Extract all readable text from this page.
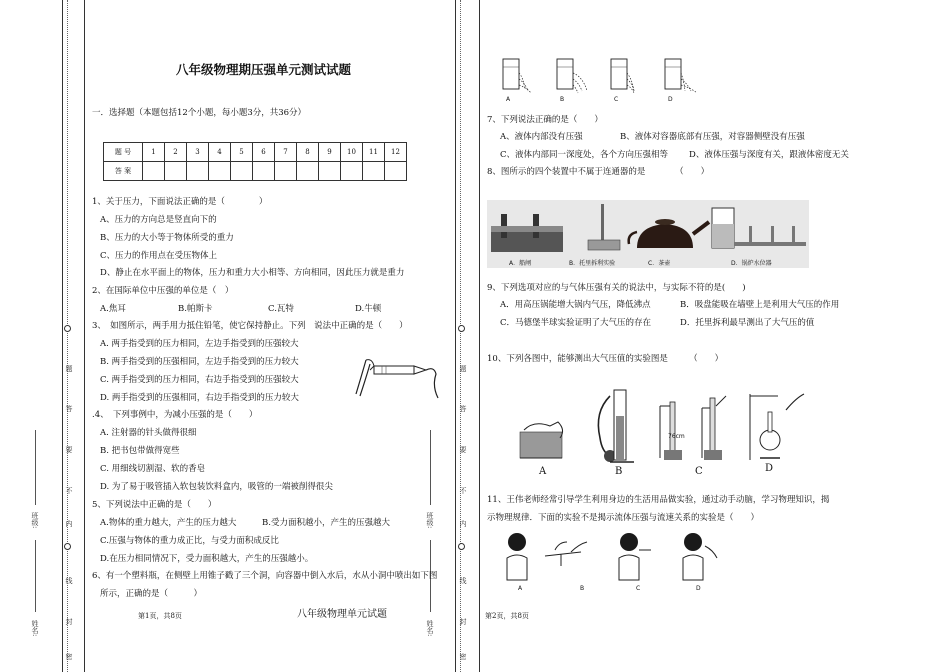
题
答
要
不
内
线
封
密
班级:
姓名:
题
答
要
不
内
线
封
密
班级:
姓名:
八年级物理期压强单元测试试题
一．选择题（本题包括12个小题，每小题3分，共36分）
题 号	1	2	3	4	5	6	7	8	9	10	11	12
答 案												
1、关于压力，下面说法正确的是（　　　　）
A、压力的方向总是竖直向下的
B、压力的大小等于物体所受的重力
C、压力的作用点在受压物体上
D、静止在水平面上的物体，压力和重力大小相等、方向相同，因此压力就是重力
2、在国际单位中压强的单位是（　）
A.焦耳	B.帕斯卡	C.瓦特	D.牛顿
3、　如图所示，两手用力抵住铅笔，使它保持静止。下列　说法中正确的是（　　）
A. 两手指受到的压力相同，左边手指受到的压强较大
B. 两手指受到的压强相同，左边手指受到的压力较大
C. 两手指受到的压力相同，右边手指受到的压强较大
D. 两手指受到的压强相同，右边手指受到的压力较大
.4、　下列事例中，为减小压强的是（　　）
A. 注射器的针头做得很细
B. 把书包带做得宽些
C. 用细线切割湿、软的香皂
D. 为了易于吸管插入软包装饮料盒内，吸管的一端被削得很尖
5、下列说法中正确的是（　　）
A.物体的重力越大，产生的压力越大	B.受力面积越小，产生的压强越大
C.压强与物体的重力成正比，与受力面积成反比
D.在压力相同情况下，受力面积越大，产生的压强越小。
6、有一个塑料瓶，在侧壁上用锥子戳了三个洞，向容器中倒入水后，水从小洞中喷出如下图
所示，正确的是（　　　）
第1页，共8页	八年级物理单元试题
A	B	C	D
7、下列说法正确的是（　　）
A、液体内部没有压强	B、液体对容器底部有压强，对容器侧壁没有压强
C、液体内部同一深度处，各个方向压强相等 D、液体压强与深度有关，跟液体密度无关
8、图所示的四个装置中不属于连通器的是　　　　（　　）
A．船闸	B．托里拆利实验	C．茶壶	D．锅炉水位器
9、下列选项对应的与气体压强有关的说法中，与实际不符的是(　　)
A．用高压锅能增大锅内气压，降低沸点	B．吸盘能吸在墙壁上是利用大气压的作用
C．马德堡半球实验证明了大气压的存在	D．托里拆利最早测出了大气压的值
10、下列各图中，能够测出大气压值的实验图是　　　（　　）
76cm
A	B	C	D
11、王伟老师经常引导学生利用身边的生活用品做实验，通过动手动脑，学习物理知识，揭
示物理规律．下面的实验不是揭示流体压强与流速关系的实验是（　　）
A	B	C	D
第2页，共8页
